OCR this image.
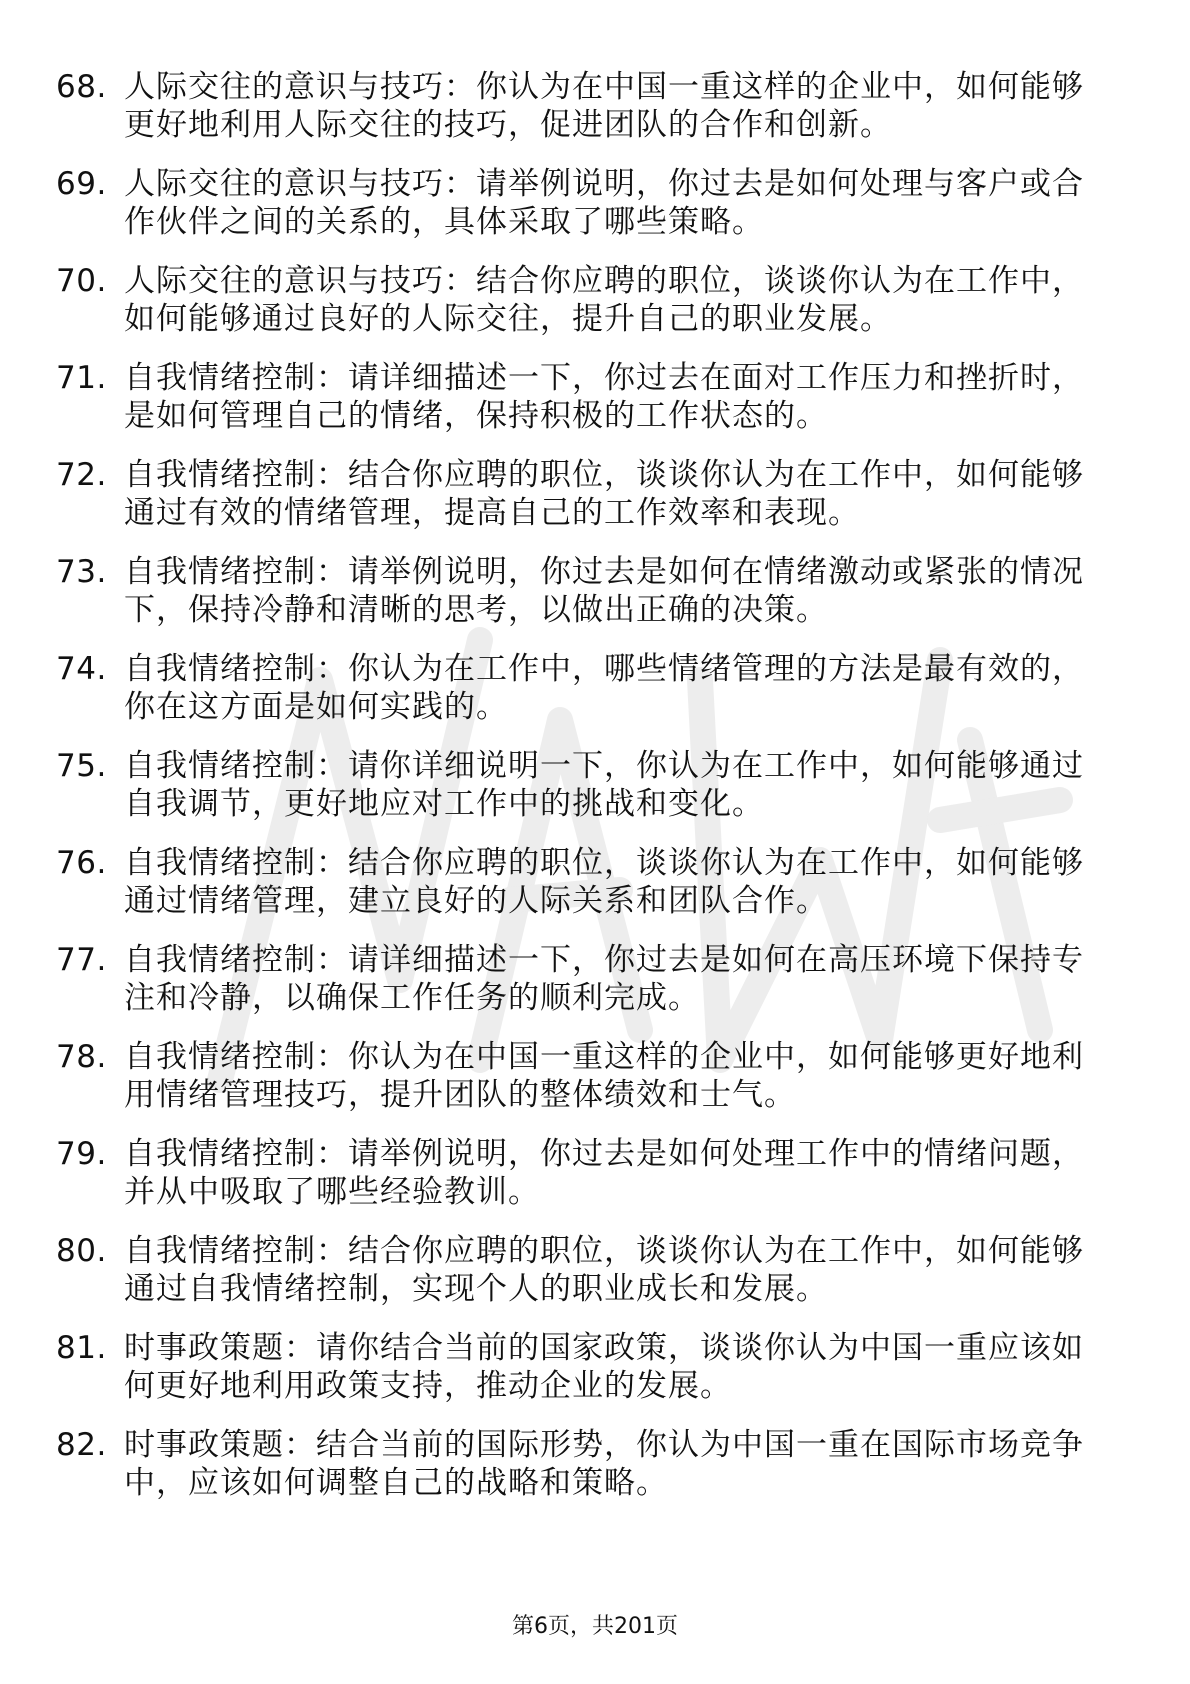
68. 人际交往的意识与技巧：你认为在中国一重这样的企业中，如何能够更好地利用人际交往的技巧，促进团队的合作和创新。
69. 人际交往的意识与技巧：请举例说明，你过去是如何处理与客户或合作伙伴之间的关系的，具体采取了哪些策略。
70. 人际交往的意识与技巧：结合你应聘的职位，谈谈你认为在工作中，如何能够通过良好的人际交往，提升自己的职业发展。
71. 自我情绪控制：请详细描述一下，你过去在面对工作压力和挫折时，是如何管理自己的情绪，保持积极的工作状态的。
72. 自我情绪控制：结合你应聘的职位，谈谈你认为在工作中，如何能够通过有效的情绪管理，提高自己的工作效率和表现。
73. 自我情绪控制：请举例说明，你过去是如何在情绪激动或紧张的情况下，保持冷静和清晰的思考，以做出正确的决策。
74. 自我情绪控制：你认为在工作中，哪些情绪管理的方法是最有效的，你在这方面是如何实践的。
75. 自我情绪控制：请你详细说明一下，你认为在工作中，如何能够通过自我调节，更好地应对工作中的挑战和变化。
76. 自我情绪控制：结合你应聘的职位，谈谈你认为在工作中，如何能够通过情绪管理，建立良好的人际关系和团队合作。
77. 自我情绪控制：请详细描述一下，你过去是如何在高压环境下保持专注和冷静，以确保工作任务的顺利完成。
78. 自我情绪控制：你认为在中国一重这样的企业中，如何能够更好地利用情绪管理技巧，提升团队的整体绩效和士气。
79. 自我情绪控制：请举例说明，你过去是如何处理工作中的情绪问题，并从中吸取了哪些经验教训。
80. 自我情绪控制：结合你应聘的职位，谈谈你认为在工作中，如何能够通过自我情绪控制，实现个人的职业成长和发展。
81. 时事政策题：请你结合当前的国家政策，谈谈你认为中国一重应该如何更好地利用政策支持，推动企业的发展。
82. 时事政策题：结合当前的国际形势，你认为中国一重在国际市场竞争中，应该如何调整自己的战略和策略。
第6页，共201页
